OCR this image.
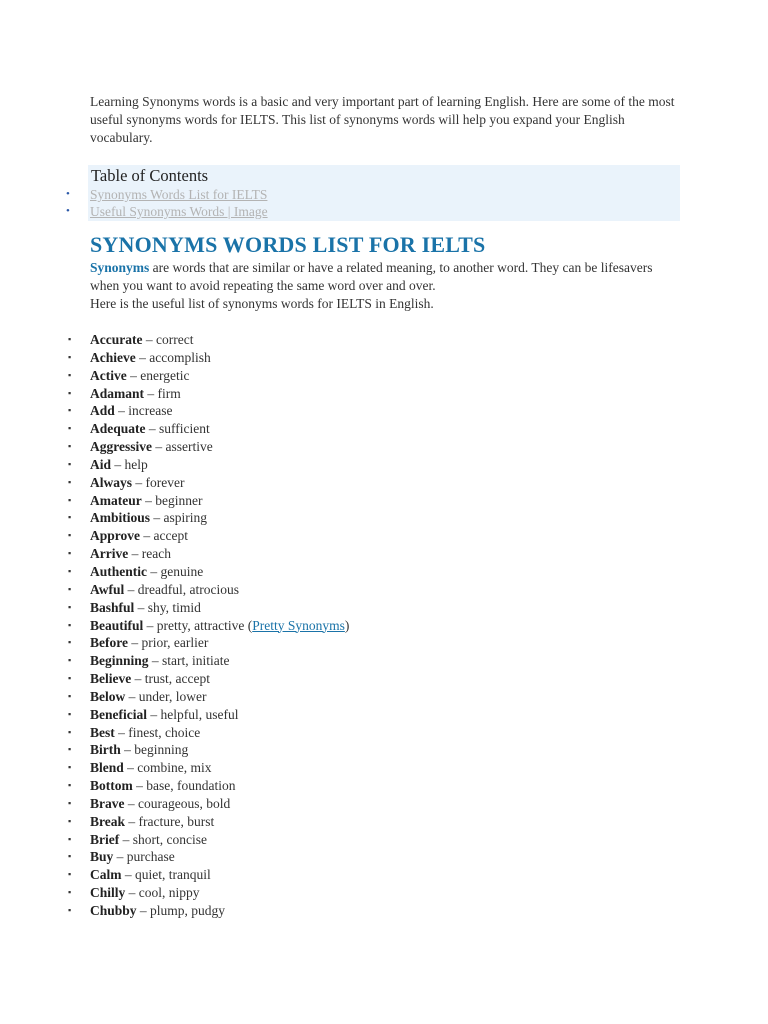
Learning Synonyms words is a basic and very important part of learning English. Here are some of the most useful synonyms words for IELTS. This list of synonyms words will help you expand your English vocabulary.

Table of Contents
• Synonyms Words List for IELTS
• Useful Synonyms Words | Image
SYNONYMS WORDS LIST FOR IELTS

Synonyms are words that are similar or have a related meaning, to another word. They can be lifesavers when you want to avoid repeating the same word over and over.
Here is the useful list of synonyms words for IELTS in English.

▪ Accurate – correct
▪ Achieve – accomplish
▪ Active – energetic
▪ Adamant – firm
▪ Add – increase
▪ Adequate – sufficient
▪ Aggressive – assertive
▪ Aid – help
▪ Always – forever
▪ Amateur – beginner
▪ Ambitious – aspiring
▪ Approve – accept
▪ Arrive – reach
▪ Authentic – genuine
▪ Awful – dreadful, atrocious
▪ Bashful – shy, timid
▪ Beautiful – pretty, attractive (Pretty Synonyms)
▪ Before – prior, earlier
▪ Beginning – start, initiate
▪ Believe – trust, accept
▪ Below – under, lower
▪ Beneficial – helpful, useful
▪ Best – finest, choice
▪ Birth – beginning
▪ Blend – combine, mix
▪ Bottom – base, foundation
▪ Brave – courageous, bold
▪ Break – fracture, burst
▪ Brief – short, concise
▪ Buy – purchase
▪ Calm – quiet, tranquil
▪ Chilly – cool, nippy
▪ Chubby – plump, pudgy
